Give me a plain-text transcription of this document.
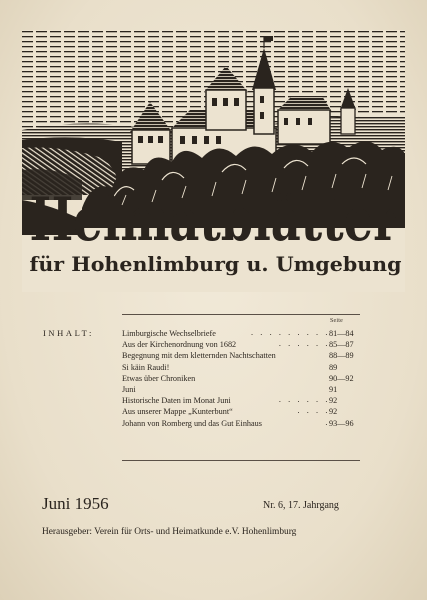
Heimatblätter
für Hohenlimburg u. Umgebung
Seite
INHALT:	Limburgische Wechselbriefe	. . . . . . . . . 81—84
Aus der Kirchenordnung von 1682	. . . . . . 85—87
Begegnung mit dem kletternden Nachtschatten	88—89
Si käin Raudi!	89
Etwas über Chroniken	90—92
Juni	91
Historische Daten im Monat Juni	. . . . . . 92
Aus unserer Mappe „Kunterbunt“	. . . . 92
Johann von Romberg und das Gut Einhaus	. 93—96
Juni 1956	Nr. 6, 17. Jahrgang
Herausgeber: Verein für Orts- und Heimatkunde e.V. Hohenlimburg
